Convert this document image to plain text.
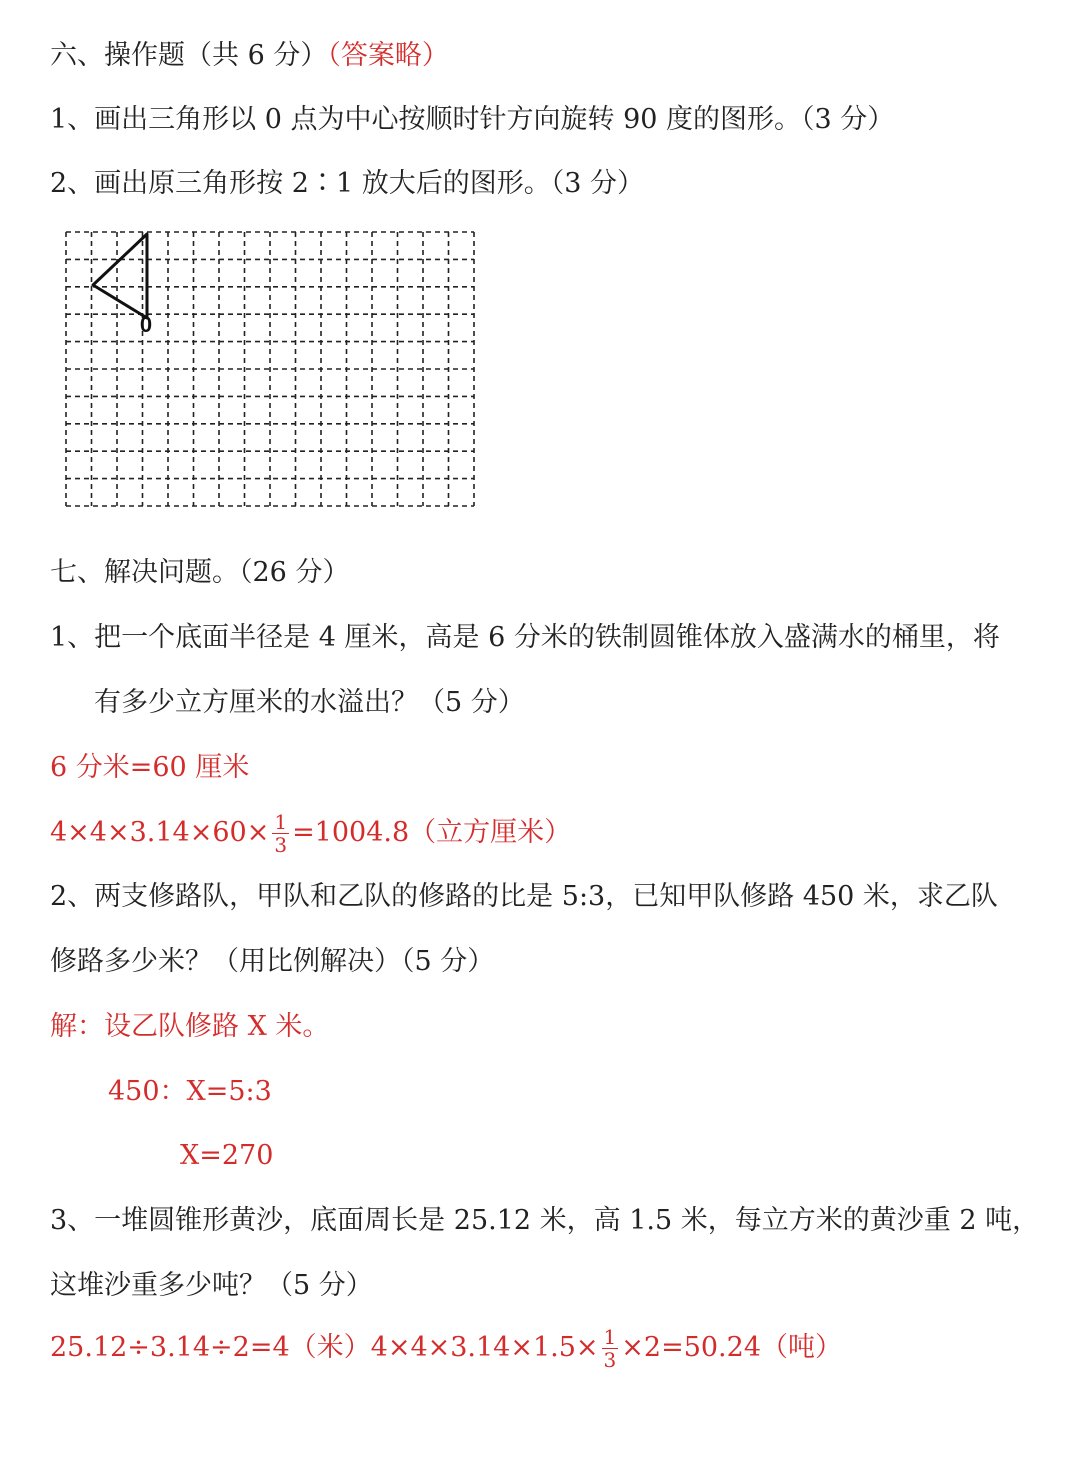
六、操作题（共 6 分）（答案略）
1、画出三角形以 0 点为中心按顺时针方向旋转 90 度的图形。（3 分）
2、画出原三角形按 2∶1 放大后的图形。（3 分）
0
七、解决问题。（26 分）
1、把一个底面半径是 4 厘米，高是 6 分米的铁制圆锥体放入盛满水的桶里，将
有多少立方厘米的水溢出？（5 分）
6 分米=60 厘米
$4\times 4\times 3.14\times 60\times \frac{1}{3} =1004.8$（立方厘米）
2、两支修路队，甲队和乙队的修路的比是 5:3，已知甲队修路 450 米，求乙队
修路多少米？（用比例解决）（5 分）
解：设乙队修路 X 米。
450：X=5:3
X=270
3、一堆圆锥形黄沙，底面周长是 25.12 米，高 1.5 米，每立方米的黄沙重 2 吨，
这堆沙重多少吨？（5 分）
25.12÷3.14÷2=4（米）$4\times 4\times 3.14\times 1.5\times \frac{1}{3} \times 2=50.24$（吨）
